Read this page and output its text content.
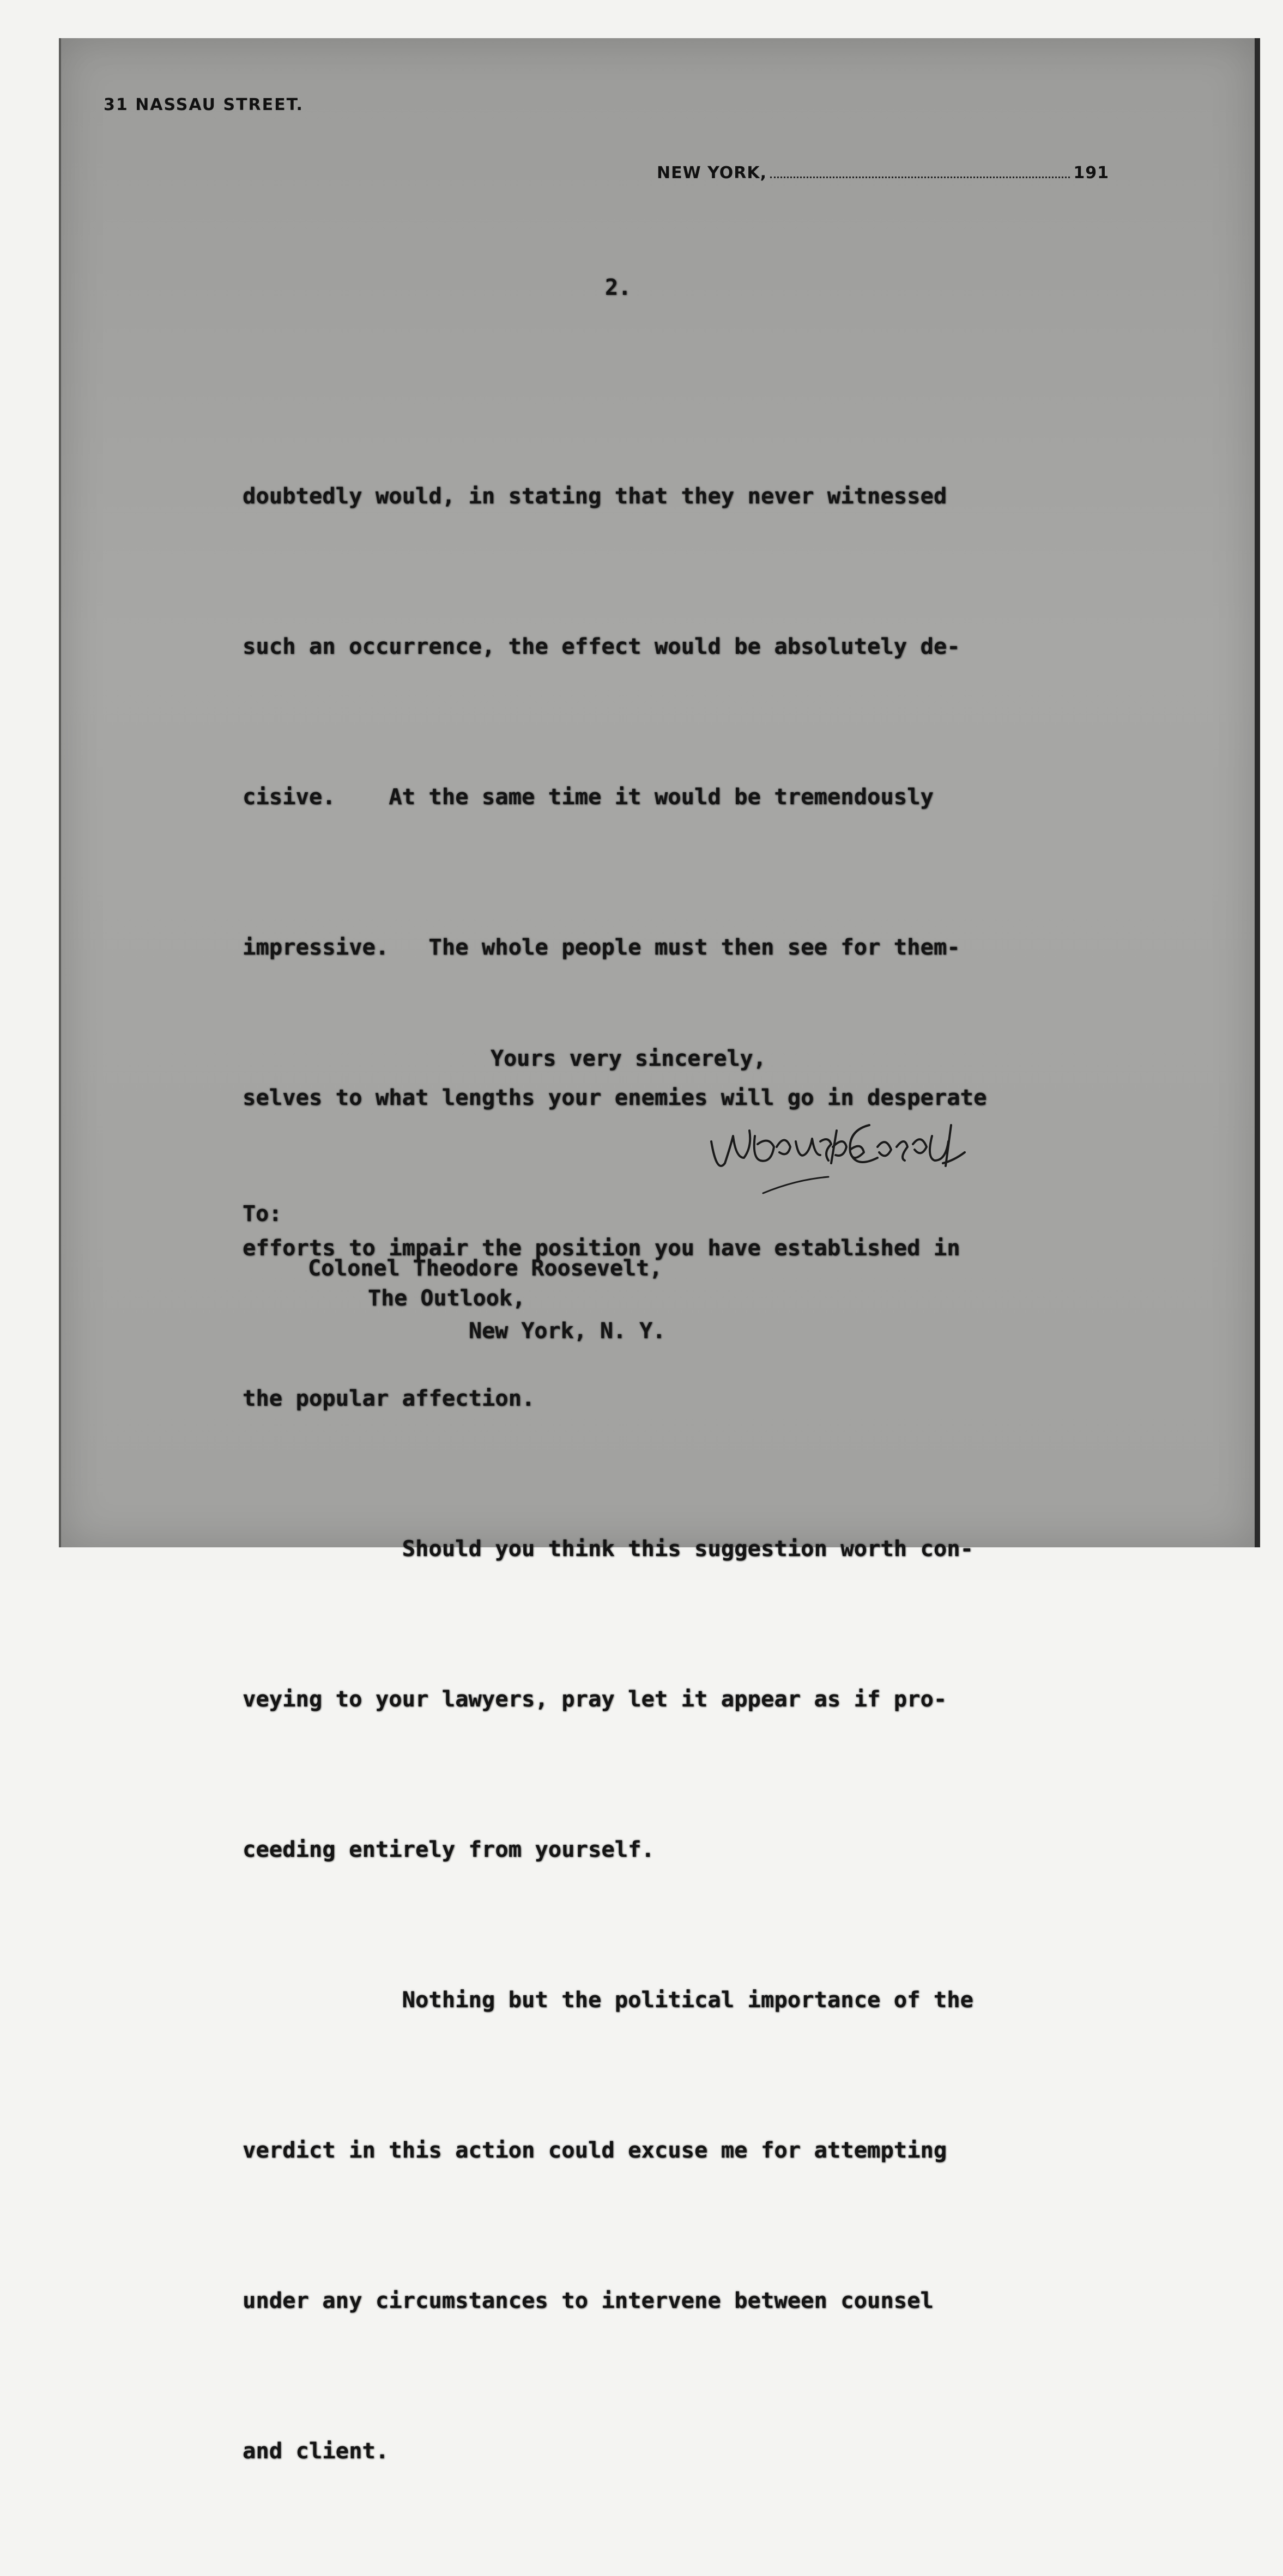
31 NASSAU STREET.
NEW YORK,	191
2.

doubtedly would, in stating that they never witnessed

such an occurrence, the effect would be absolutely de-

cisive.    At the same time it would be tremendously

impressive.   The whole people must then see for them-

selves to what lengths your enemies will go in desperate

efforts to impair the position you have established in

the popular affection.

Should you think this suggestion worth con-

veying to your lawyers, pray let it appear as if pro-

ceeding entirely from yourself.

Nothing but the political importance of the

verdict in this action could excuse me for attempting

under any circumstances to intervene between counsel

and client.

Yours very sincerely,
To:
Colonel Theodore Roosevelt,
The Outlook,
New York, N. Y.
